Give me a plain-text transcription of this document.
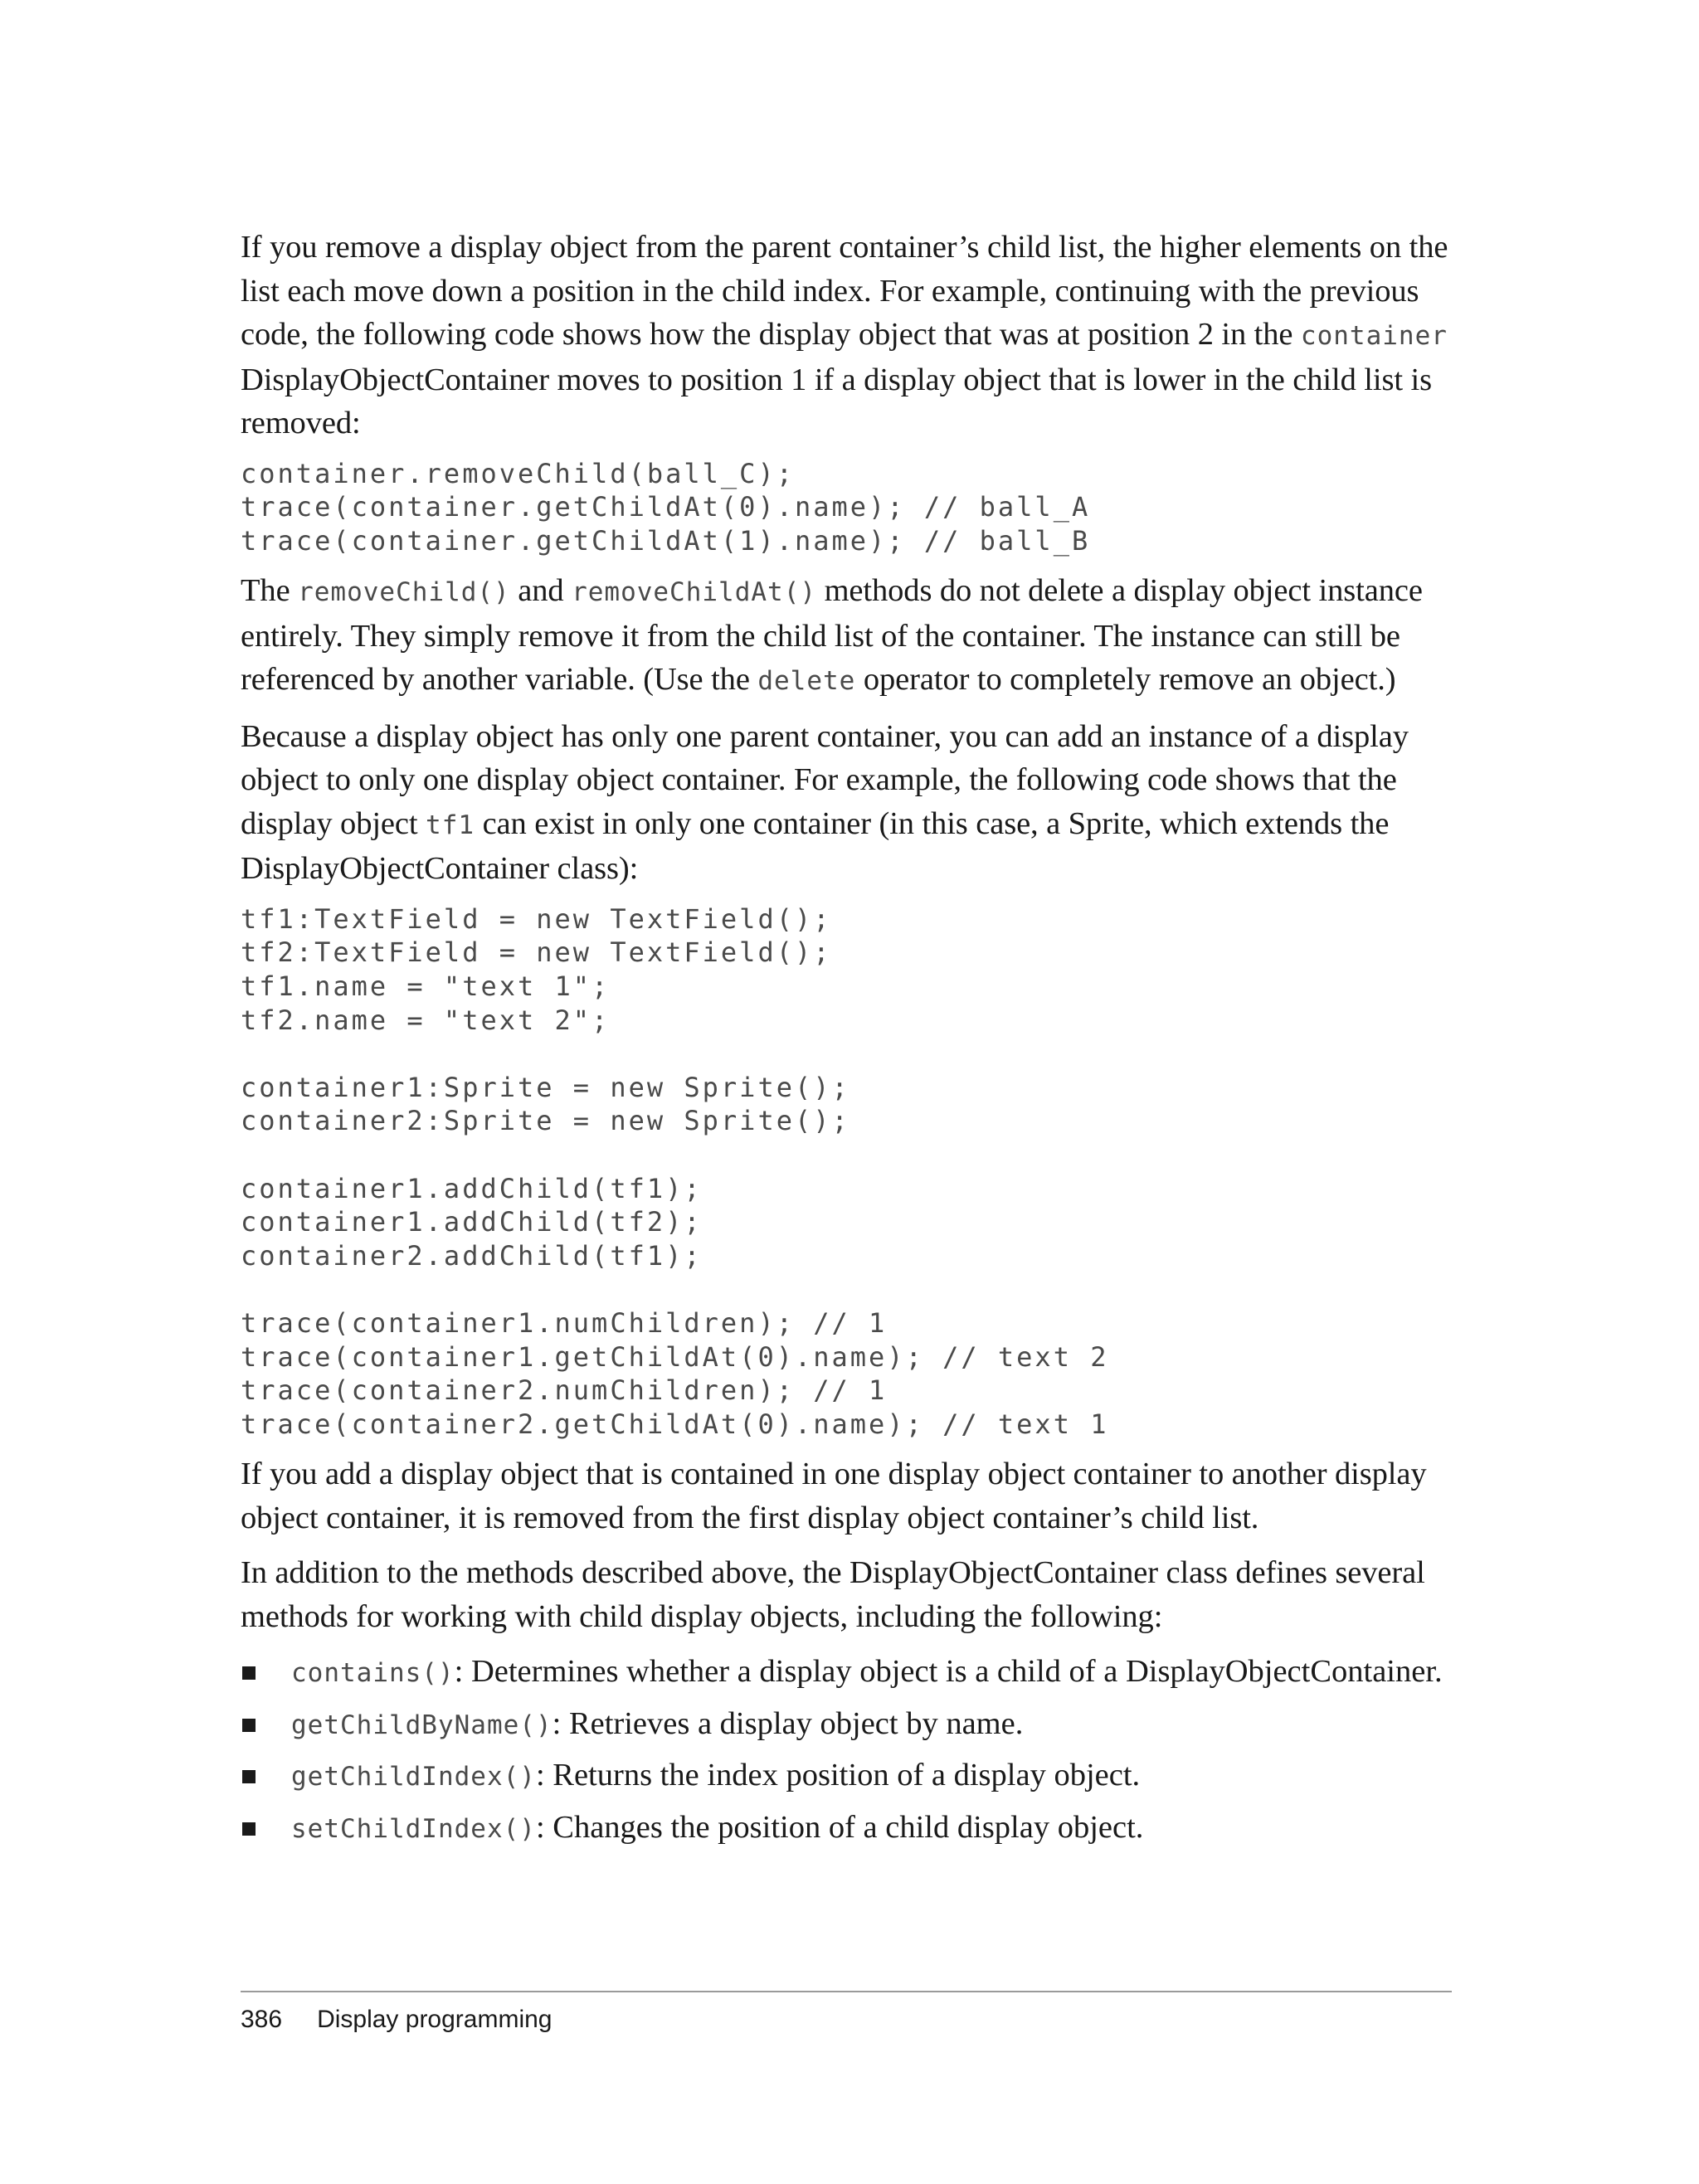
If you remove a display object from the parent container’s child list, the higher elements on the list each move down a position in the child index. For example, continuing with the previous code, the following code shows how the display object that was at position 2 in the container DisplayObjectContainer moves to position 1 if a display object that is lower in the child list is removed:

container.removeChild(ball_C);
trace(container.getChildAt(0).name); // ball_A
trace(container.getChildAt(1).name); // ball_B

The removeChild() and removeChildAt() methods do not delete a display object instance entirely. They simply remove it from the child list of the container. The instance can still be referenced by another variable. (Use the delete operator to completely remove an object.)

Because a display object has only one parent container, you can add an instance of a display object to only one display object container. For example, the following code shows that the display object tf1 can exist in only one container (in this case, a Sprite, which extends the DisplayObjectContainer class):

tf1:TextField = new TextField();
tf2:TextField = new TextField();
tf1.name = "text 1";
tf2.name = "text 2";
container1:Sprite = new Sprite();
container2:Sprite = new Sprite();
container1.addChild(tf1);
container1.addChild(tf2);
container2.addChild(tf1);
trace(container1.numChildren); // 1
trace(container1.getChildAt(0).name); // text 2
trace(container2.numChildren); // 1
trace(container2.getChildAt(0).name); // text 1

If you add a display object that is contained in one display object container to another display object container, it is removed from the first display object container’s child list.

In addition to the methods described above, the DisplayObjectContainer class defines several methods for working with child display objects, including the following:

contains(): Determines whether a display object is a child of a DisplayObjectContainer.
getChildByName(): Retrieves a display object by name.
getChildIndex(): Returns the index position of a display object.
setChildIndex(): Changes the position of a child display object.
386 Display programming
